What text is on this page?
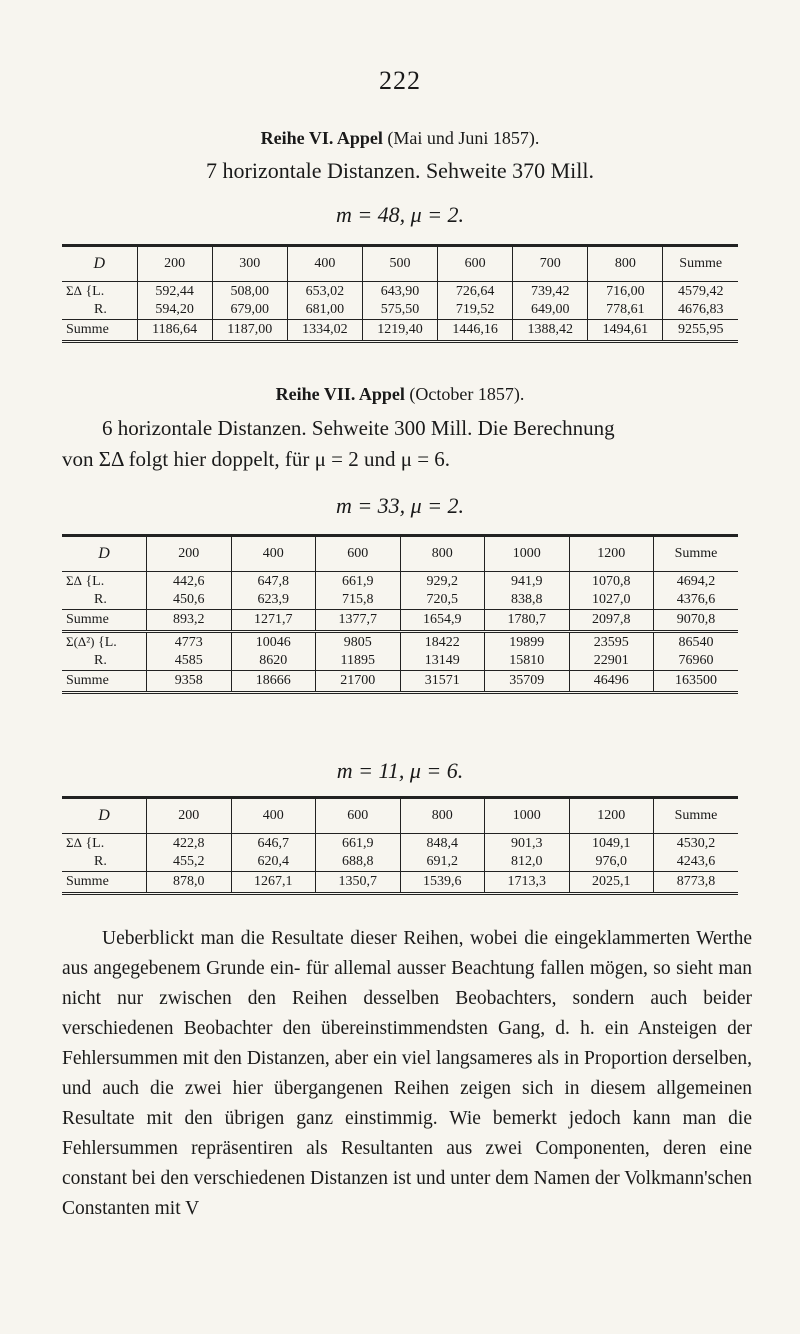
222
Reihe VI. Appel (Mai und Juni 1857).
7 horizontale Distanzen. Sehweite 370 Mill.
m = 48, μ = 2.
D	200	300	400	500	600	700	800	Summe
ΣΔ {L.	592,44	508,00	653,02	643,90	726,64	739,42	716,00	4579,42
R.	594,20	679,00	681,00	575,50	719,52	649,00	778,61	4676,83
Summe	1186,64	1187,00	1334,02	1219,40	1446,16	1388,42	1494,61	9255,95
Reihe VII. Appel (October 1857).
6 horizontale Distanzen. Sehweite 300 Mill. Die Berechnung
von ΣΔ folgt hier doppelt, für μ = 2 und μ = 6.
m = 33, μ = 2.
D	200	400	600	800	1000	1200	Summe
ΣΔ {L.	442,6	647,8	661,9	929,2	941,9	1070,8	4694,2
R.	450,6	623,9	715,8	720,5	838,8	1027,0	4376,6
Summe	893,2	1271,7	1377,7	1654,9	1780,7	2097,8	9070,8
Σ(Δ²) {L.	4773	10046	9805	18422	19899	23595	86540
R.	4585	8620	11895	13149	15810	22901	76960
Summe	9358	18666	21700	31571	35709	46496	163500
m = 11, μ = 6.
D	200	400	600	800	1000	1200	Summe
ΣΔ {L.	422,8	646,7	661,9	848,4	901,3	1049,1	4530,2
R.	455,2	620,4	688,8	691,2	812,0	976,0	4243,6
Summe	878,0	1267,1	1350,7	1539,6	1713,3	2025,1	8773,8

Ueberblickt man die Resultate dieser Reihen, wobei die eingeklammerten Werthe aus angegebenem Grunde ein- für allemal ausser Beachtung fallen mögen, so sieht man nicht nur zwischen den Reihen desselben Beobachters, sondern auch beider verschiedenen Beobachter den übereinstimmendsten Gang, d. h. ein Ansteigen der Fehlersummen mit den Distanzen, aber ein viel langsameres als in Proportion derselben, und auch die zwei hier übergangenen Reihen zeigen sich in diesem allgemeinen Resultate mit den übrigen ganz einstimmig. Wie bemerkt jedoch kann man die Fehlersummen repräsentiren als Resultanten aus zwei Componenten, deren eine constant bei den verschiedenen Distanzen ist und unter dem Namen der Volkmann'schen Constanten mit V
